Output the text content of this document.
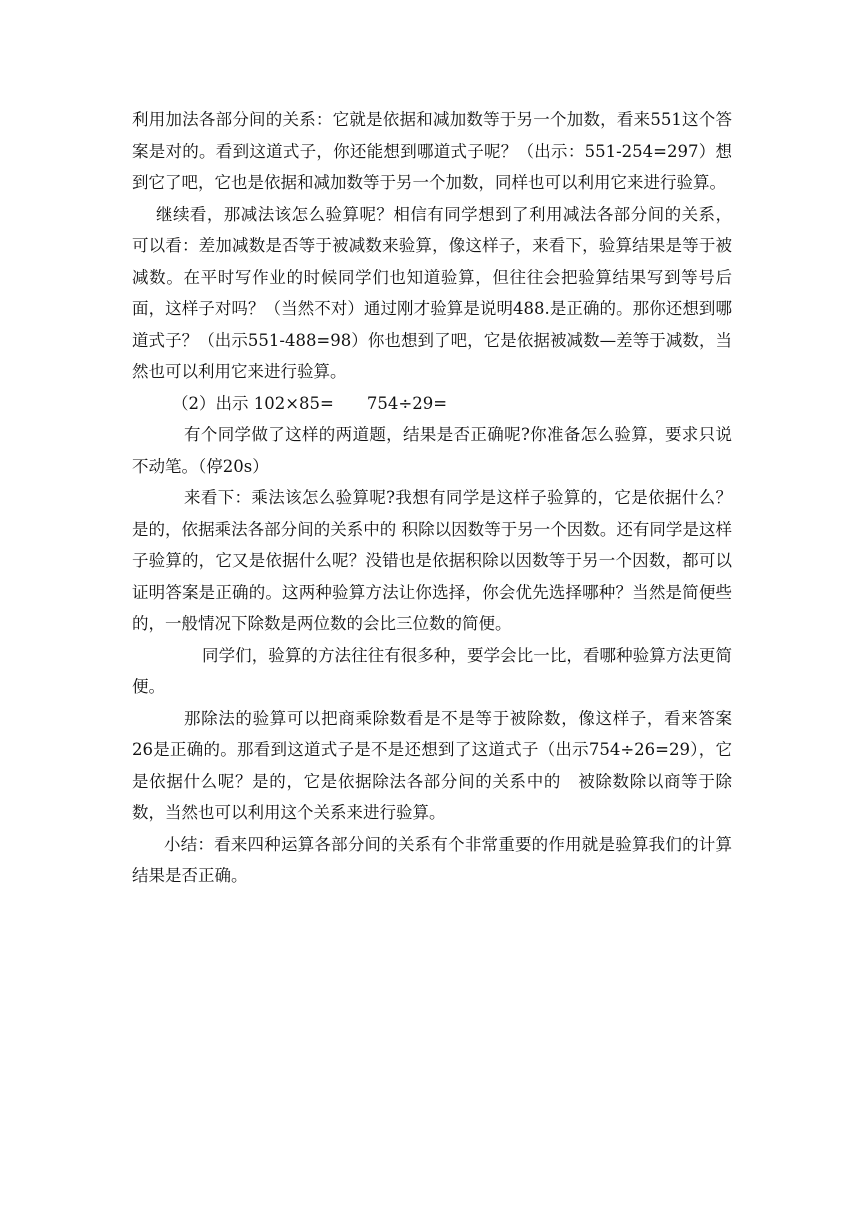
利用加法各部分间的关系：它就是依据和减加数等于另一个加数，看来551这个答案是对的。看到这道式子，你还能想到哪道式子呢？（出示：551-254=297）想到它了吧，它也是依据和减加数等于另一个加数，同样也可以利用它来进行验算。

继续看，那减法该怎么验算呢？相信有同学想到了利用减法各部分间的关系，可以看：差加减数是否等于被减数来验算，像这样子，来看下，验算结果是等于被减数。在平时写作业的时候同学们也知道验算，但往往会把验算结果写到等号后面，这样子对吗？（当然不对）通过刚才验算是说明488.是正确的。那你还想到哪道式子？（出示551-488=98）你也想到了吧，它是依据被减数—差等于减数，当然也可以利用它来进行验算。

（2）出示 102×85=　　754÷29=

有个同学做了这样的两道题，结果是否正确呢?你准备怎么验算，要求只说不动笔。（停20s）

来看下：乘法该怎么验算呢?我想有同学是这样子验算的，它是依据什么？是的，依据乘法各部分间的关系中的 积除以因数等于另一个因数。还有同学是这样子验算的，它又是依据什么呢？没错也是依据积除以因数等于另一个因数，都可以证明答案是正确的。这两种验算方法让你选择，你会优先选择哪种？当然是简便些的，一般情况下除数是两位数的会比三位数的简便。

同学们，验算的方法往往有很多种，要学会比一比，看哪种验算方法更简便。

那除法的验算可以把商乘除数看是不是等于被除数，像这样子，看来答案26是正确的。那看到这道式子是不是还想到了这道式子（出示754÷26=29），它是依据什么呢？是的，它是依据除法各部分间的关系中的　被除数除以商等于除数，当然也可以利用这个关系来进行验算。

小结：看来四种运算各部分间的关系有个非常重要的作用就是验算我们的计算结果是否正确。
